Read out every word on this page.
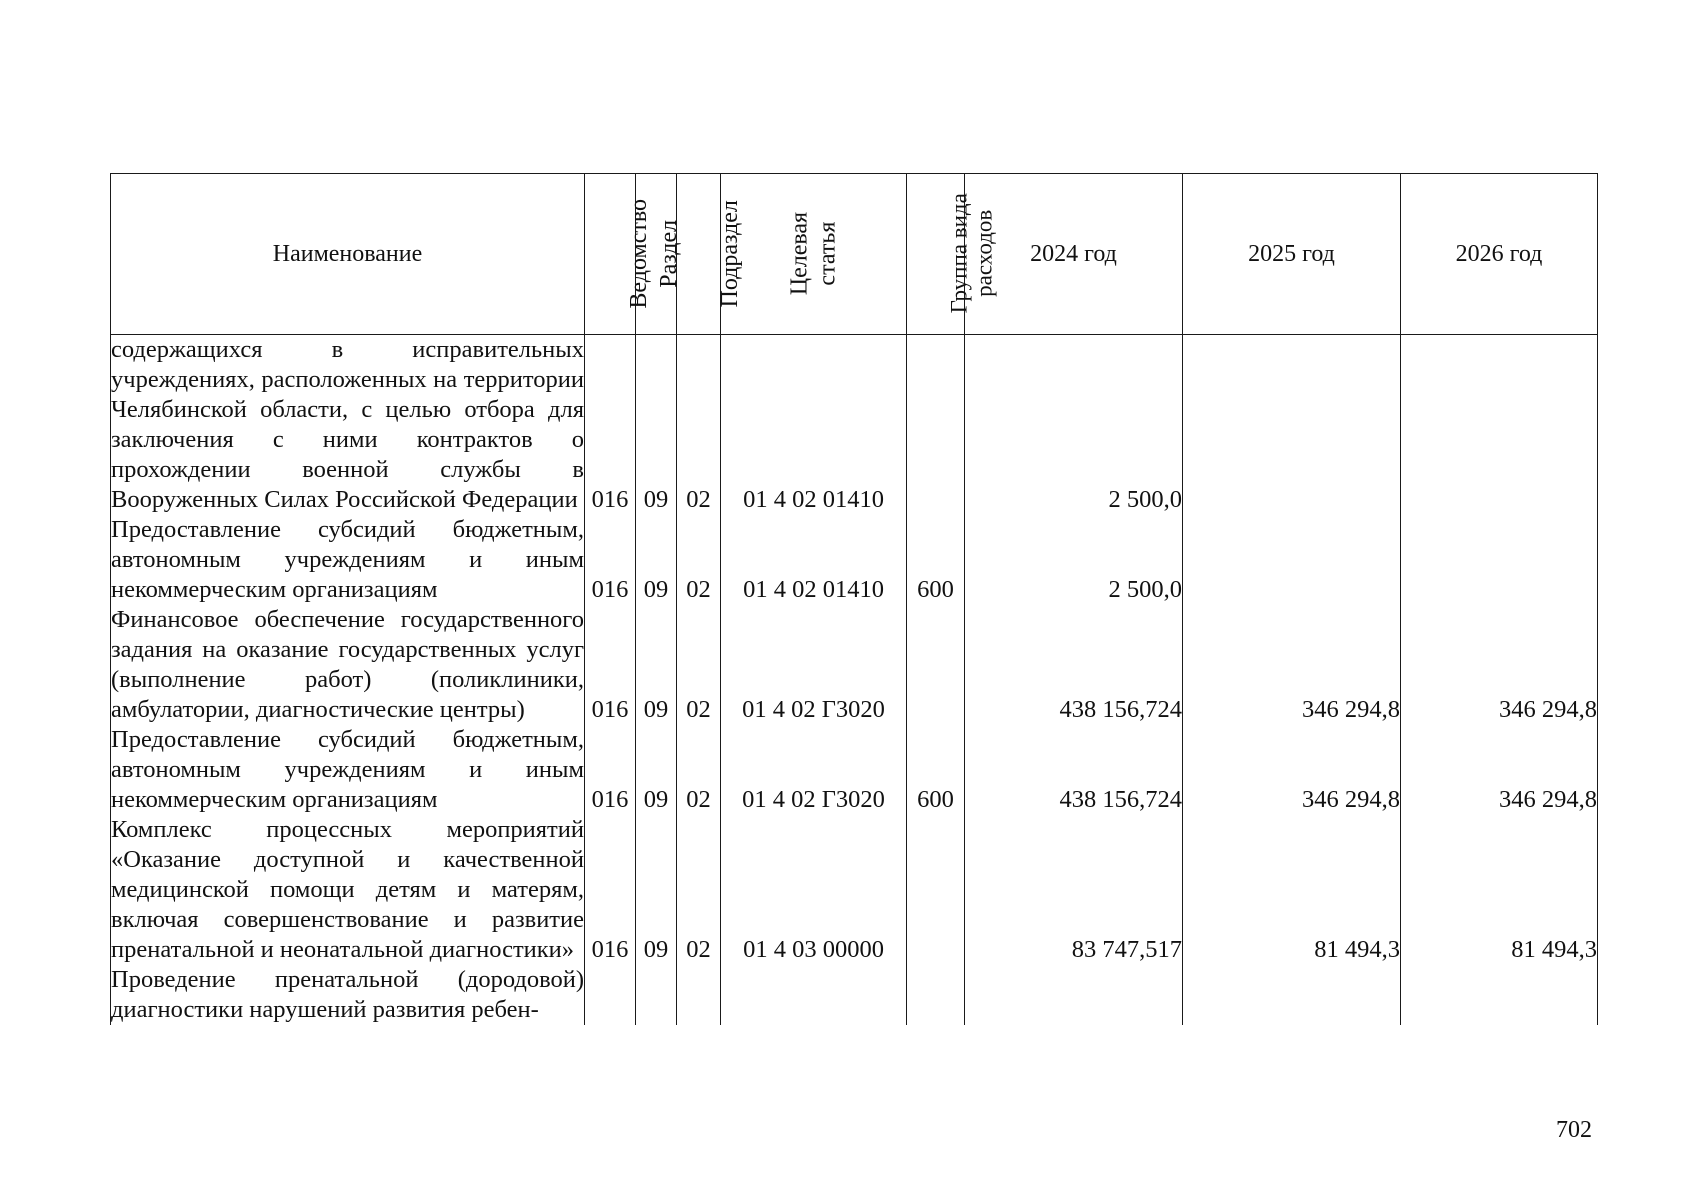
Наименование	Ведомство	Раздел	Подраздел	Целевая статья	Группа вида расходов	2024 год	2025 год	2026 год
содержащихся в исправительных учреждениях, расположенных на территории Челябинской области, с целью отбора для заключения с ними контрактов о прохождении военной службы в Вооруженных Силах Российской Федерации	016	09	02	01 4 02 01410		2 500,0		
Предоставление субсидий бюджетным, автономным учреждениям и иным некоммерческим организациям	016	09	02	01 4 02 01410	600	2 500,0		
Финансовое обеспечение государственного задания на оказание государственных услуг (выполнение работ) (поликлиники, амбулатории, диагностические центры)	016	09	02	01 4 02 Г3020		438 156,724	346 294,8	346 294,8
Предоставление субсидий бюджетным, автономным учреждениям и иным некоммерческим организациям	016	09	02	01 4 02 Г3020	600	438 156,724	346 294,8	346 294,8
Комплекс процессных мероприятий «Оказание доступной и качественной медицинской помощи детям и матерям, включая совершенствование и развитие пренатальной и неонатальной диагностики»	016	09	02	01 4 03 00000		83 747,517	81 494,3	81 494,3
Проведение пренатальной (дородовой) диагностики нарушений развития ребен-								
702
